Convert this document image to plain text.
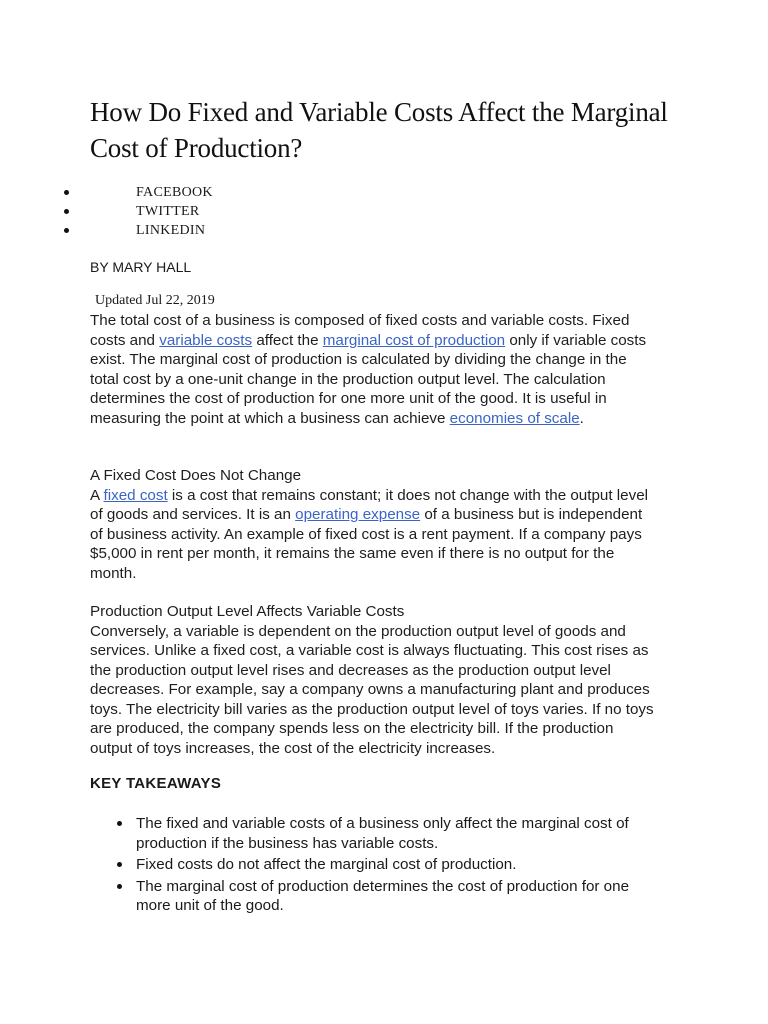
How Do Fixed and Variable Costs Affect the Marginal Cost of Production?
FACEBOOK
TWITTER
LINKEDIN

BY MARY HALL

Updated Jul 22, 2019

The total cost of a business is composed of fixed costs and variable costs. Fixed costs and variable costs affect the marginal cost of production only if variable costs exist. The marginal cost of production is calculated by dividing the change in the total cost by a one-unit change in the production output level. The calculation determines the cost of production for one more unit of the good. It is useful in measuring the point at which a business can achieve economies of scale.

A Fixed Cost Does Not Change
A fixed cost is a cost that remains constant; it does not change with the output level of goods and services. It is an operating expense of a business but is independent of business activity. An example of fixed cost is a rent payment. If a company pays $5,000 in rent per month, it remains the same even if there is no output for the month.

Production Output Level Affects Variable Costs
Conversely, a variable is dependent on the production output level of goods and services. Unlike a fixed cost, a variable cost is always fluctuating. This cost rises as the production output level rises and decreases as the production output level decreases. For example, say a company owns a manufacturing plant and produces toys. The electricity bill varies as the production output level of toys varies. If no toys are produced, the company spends less on the electricity bill. If the production output of toys increases, the cost of the electricity increases.

KEY TAKEAWAYS

The fixed and variable costs of a business only affect the marginal cost of production if the business has variable costs.
Fixed costs do not affect the marginal cost of production.
The marginal cost of production determines the cost of production for one more unit of the good.
